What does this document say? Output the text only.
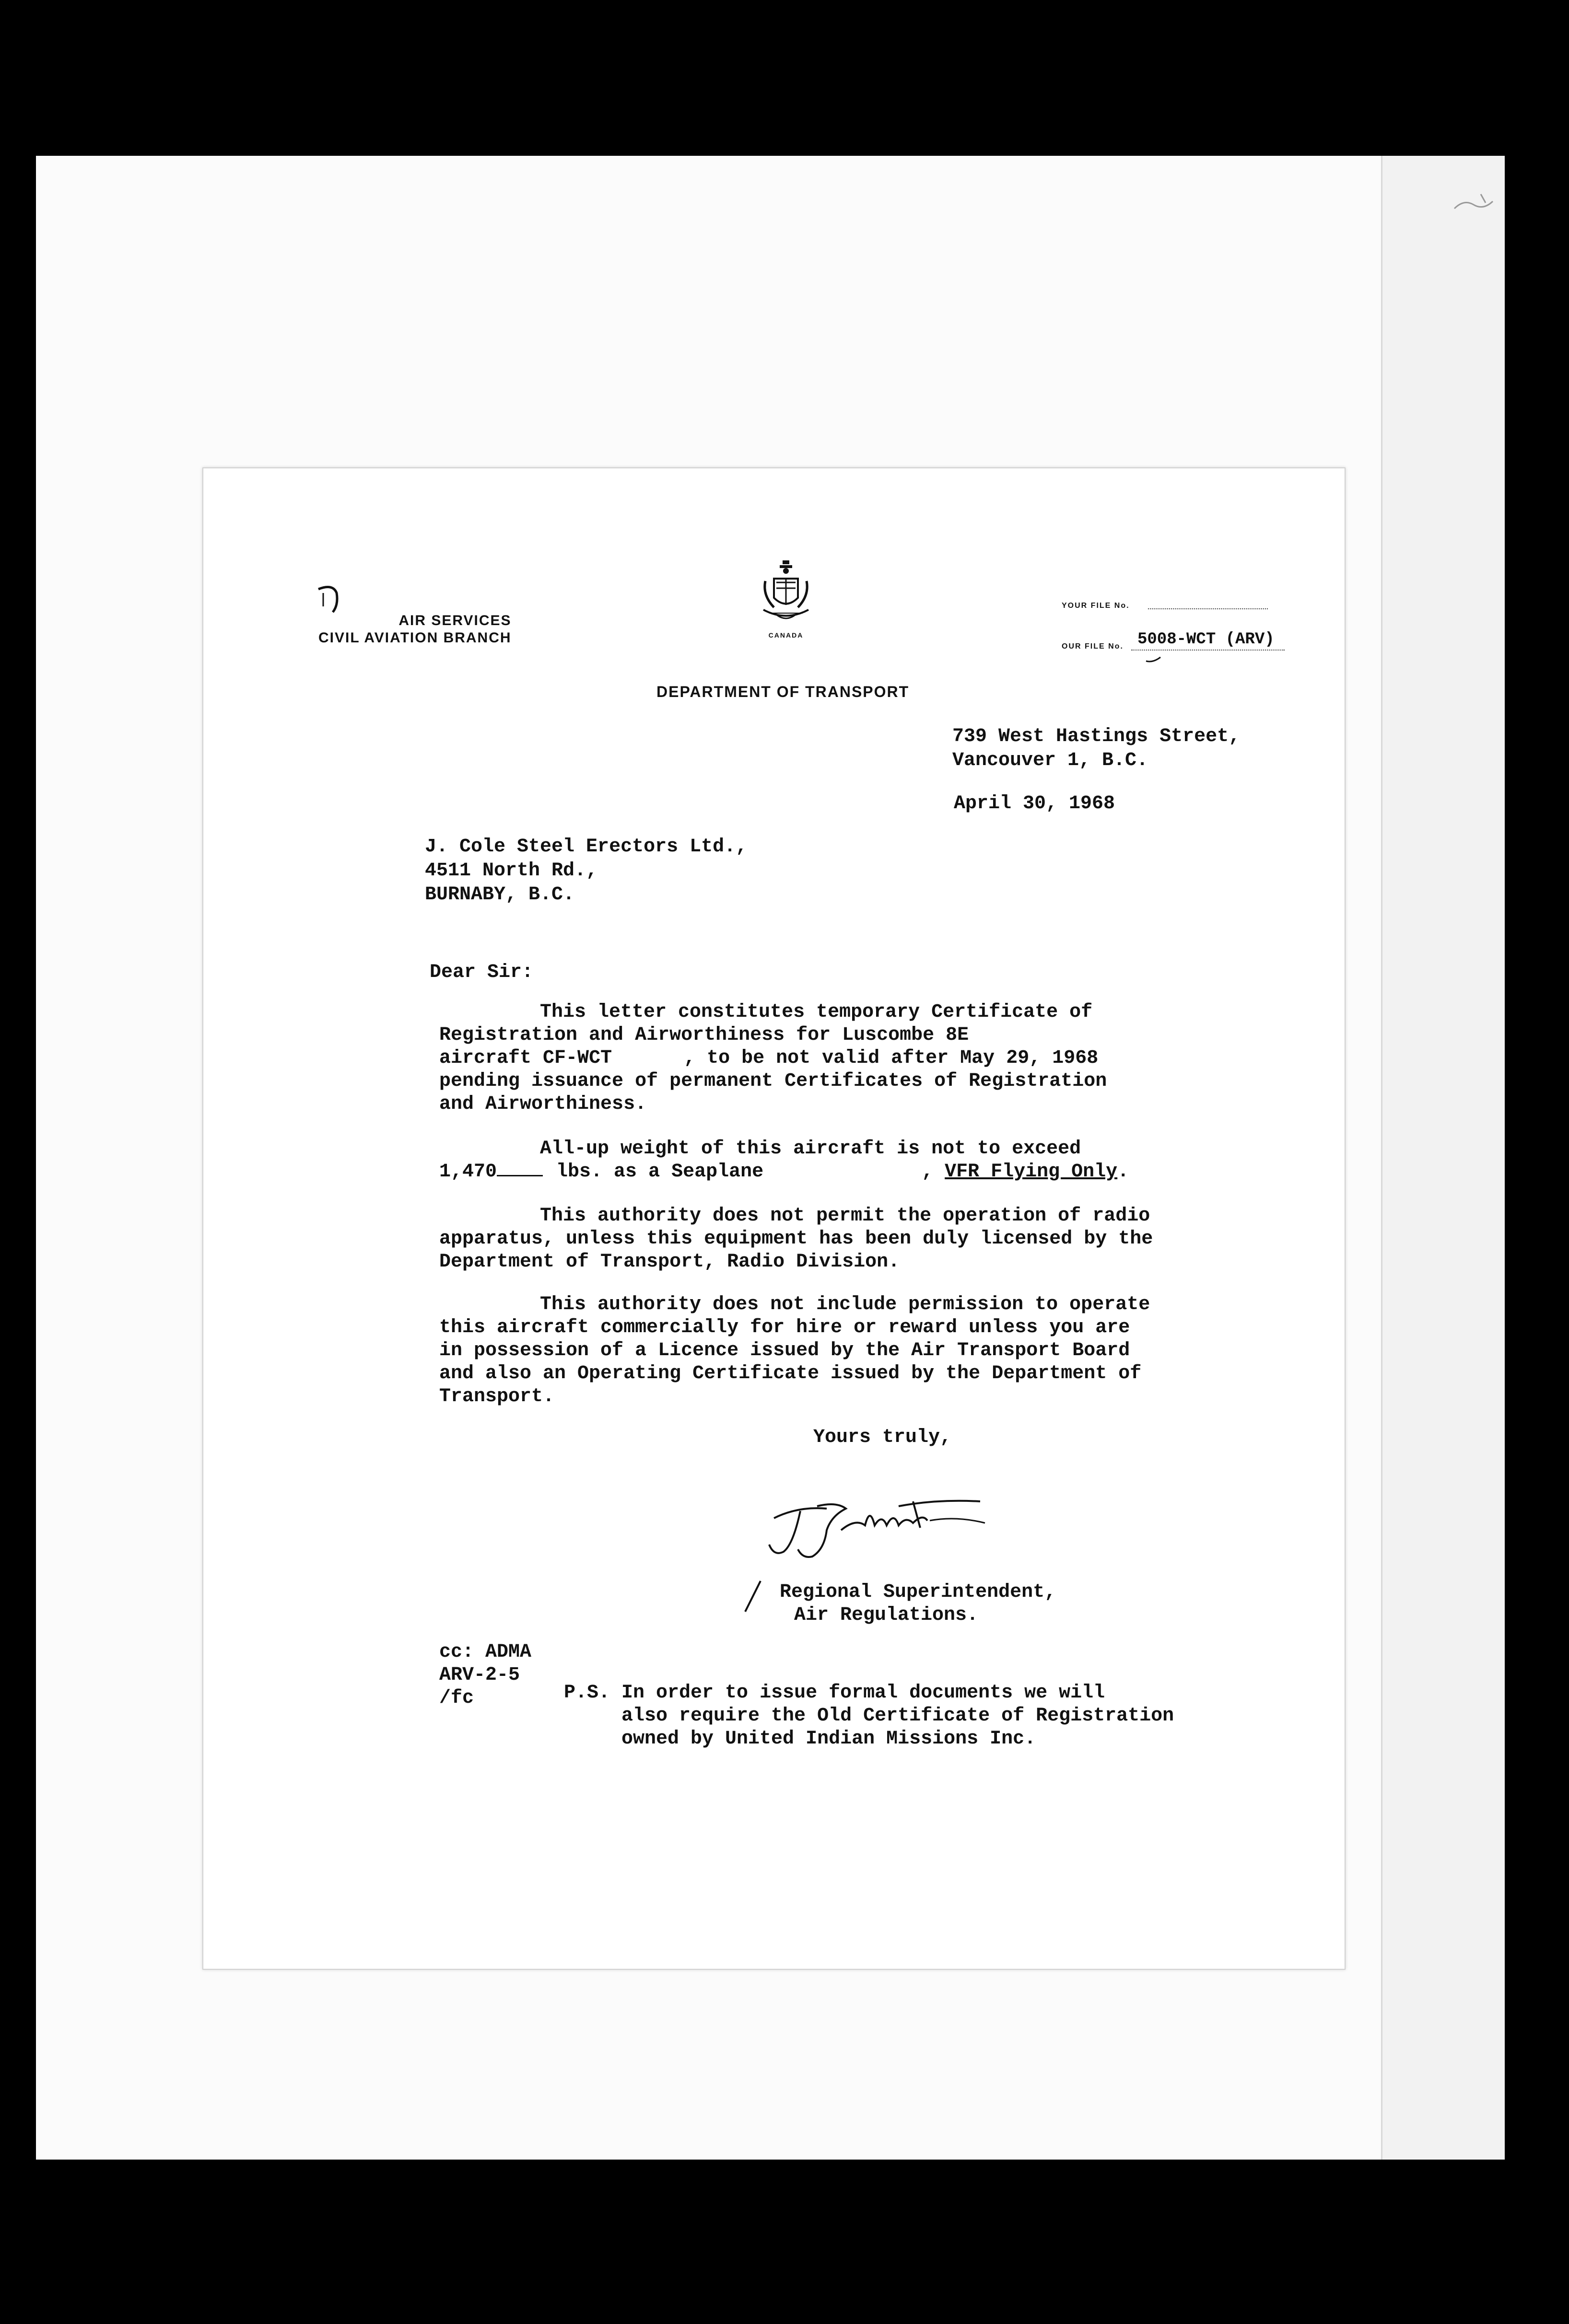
AIR SERVICES
CIVIL AVIATION BRANCH	CANADA
DEPARTMENT OF TRANSPORT
YOUR FILE No.
OUR FILE No. 5008-WCT (ARV)
739 West Hastings Street,
Vancouver 1, B.C.
April 30, 1968
J. Cole Steel Erectors Ltd.,
4511 North Rd.,
BURNABY, B.C.
Dear Sir:
This letter constitutes temporary Certificate of
Registration and Airworthiness for Luscombe 8E
aircraft CF-WCT	, to be not valid after May 29, 1968
pending issuance of permanent Certificates of Registration
and Airworthiness.
All-up weight of this aircraft is not to exceed
1,470	lbs. as a Seaplane	, VFR Flying Only.
This authority does not permit the operation of radio
apparatus, unless this equipment has been duly licensed by the
Department of Transport, Radio Division.
This authority does not include permission to operate
this aircraft commercially for hire or reward unless you are
in possession of a Licence issued by the Air Transport Board
and also an Operating Certificate issued by the Department of
Transport.
Yours truly,
Regional Superintendent,
Air Regulations.
cc: ADMA
ARV-2-5
/fc	P.S. In order to issue formal documents we will
also require the Old Certificate of Registration
owned by United Indian Missions Inc.
